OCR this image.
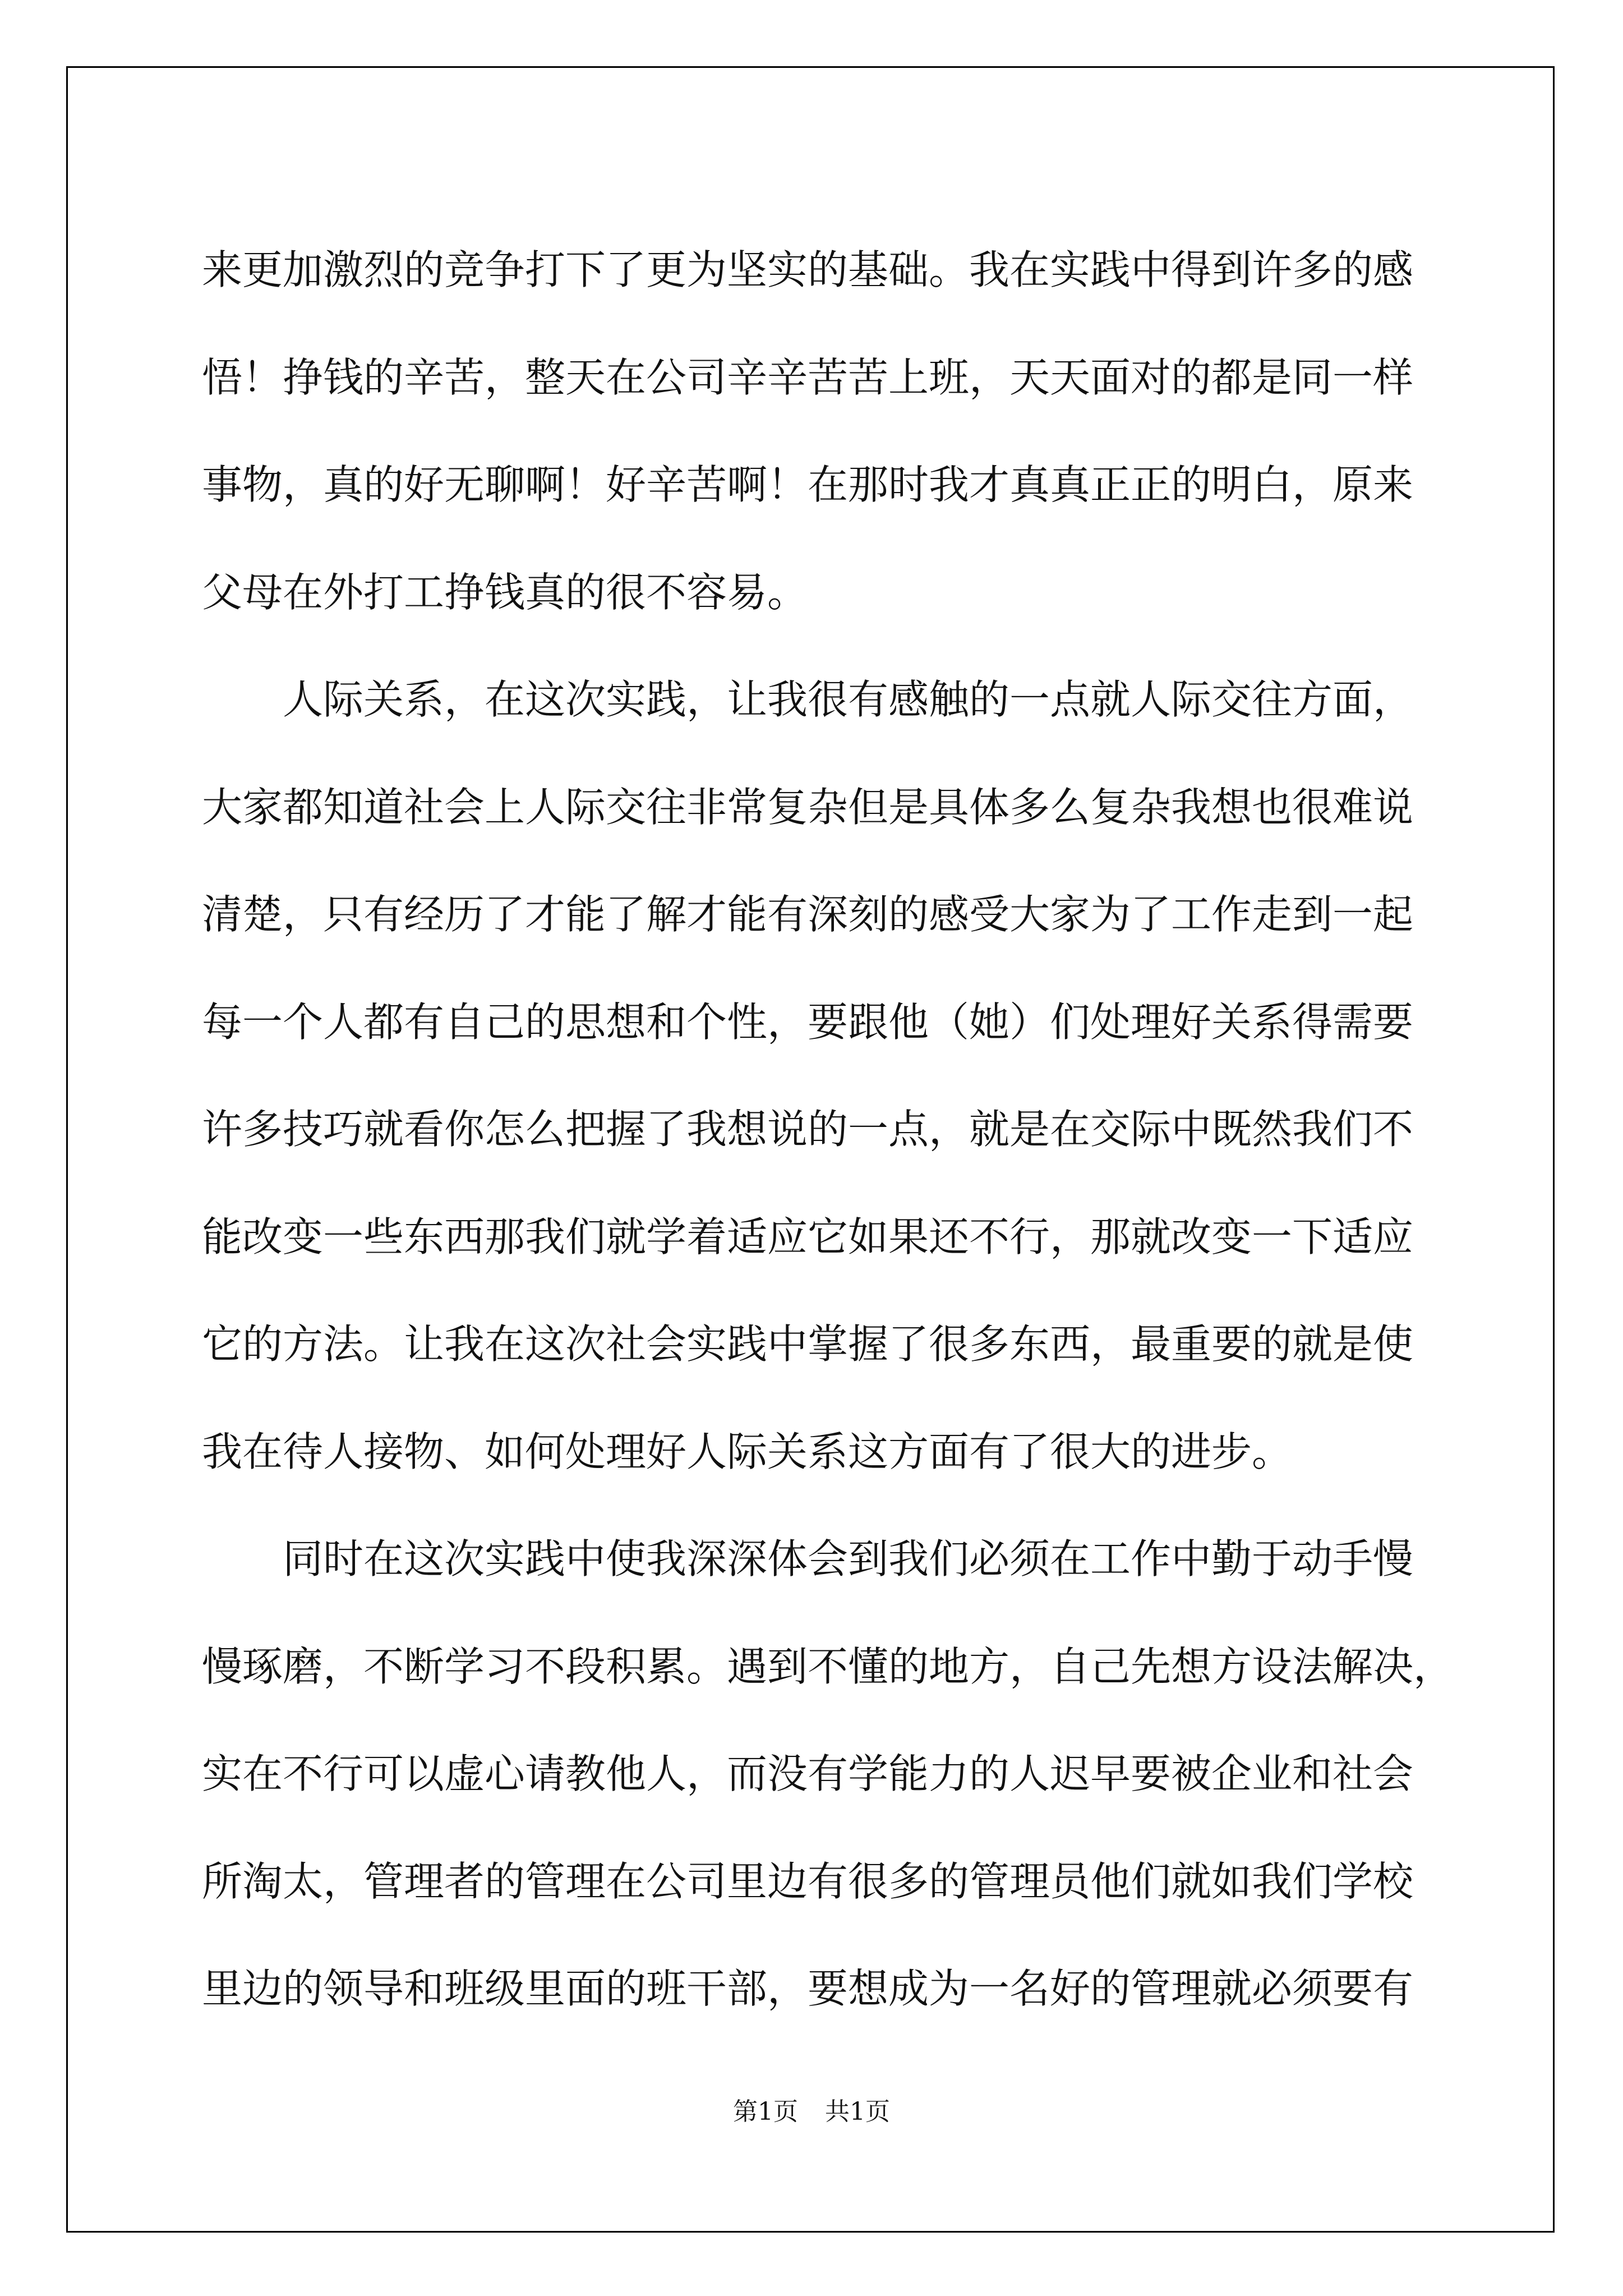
来更加激烈的竞争打下了更为坚实的基础。我在实践中得到许多的感
悟！挣钱的辛苦，整天在公司辛辛苦苦上班，天天面对的都是同一样
事物，真的好无聊啊！好辛苦啊！在那时我才真真正正的明白，原来
父母在外打工挣钱真的很不容易。
　　人际关系，在这次实践，让我很有感触的一点就人际交往方面，
大家都知道社会上人际交往非常复杂但是具体多么复杂我想也很难说
清楚，只有经历了才能了解才能有深刻的感受大家为了工作走到一起
每一个人都有自己的思想和个性，要跟他（她）们处理好关系得需要
许多技巧就看你怎么把握了我想说的一点，就是在交际中既然我们不
能改变一些东西那我们就学着适应它如果还不行，那就改变一下适应
它的方法。让我在这次社会实践中掌握了很多东西，最重要的就是使
我在待人接物、如何处理好人际关系这方面有了很大的进步。
　　同时在这次实践中使我深深体会到我们必须在工作中勤于动手慢
慢琢磨，不断学习不段积累。遇到不懂的地方，自己先想方设法解决，
实在不行可以虚心请教他人，而没有学能力的人迟早要被企业和社会
所淘太，管理者的管理在公司里边有很多的管理员他们就如我们学校
里边的领导和班级里面的班干部，要想成为一名好的管理就必须要有
第1页 共1页
